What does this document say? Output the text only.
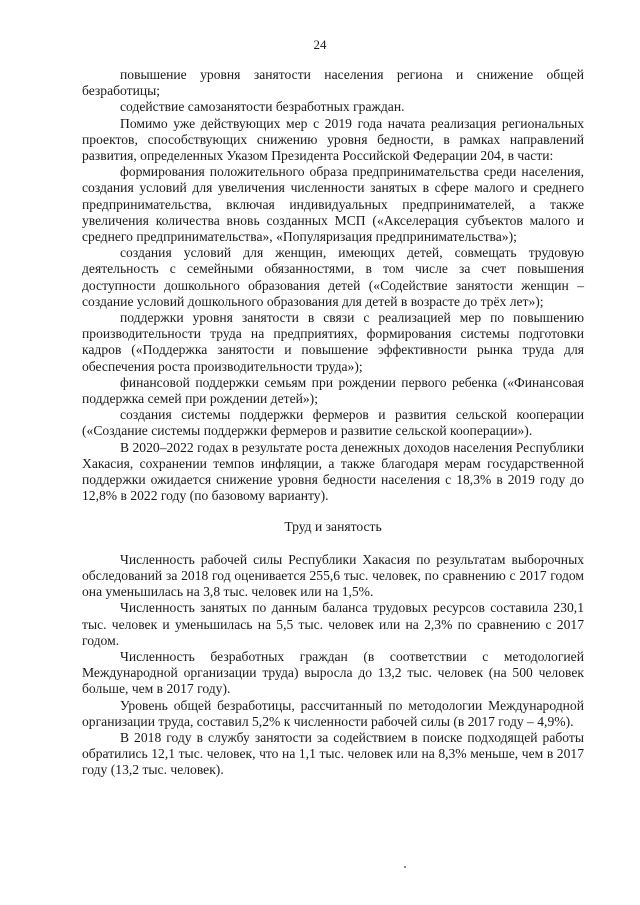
24

повышение уровня занятости населения региона и снижение общей безработицы;

содействие самозанятости безработных граждан.

Помимо уже действующих мер с 2019 года начата реализация региональных проектов, способствующих снижению уровня бедности, в рамках направлений развития, определенных Указом Президента Российской Федерации 204, в части:

формирования положительного образа предпринимательства среди населения, создания условий для увеличения численности занятых в сфере малого и среднего предпринимательства, включая индивидуальных предпринимателей, а также увеличения количества вновь созданных МСП («Акселерация субъектов малого и среднего предпринимательства», «Популяризация предпринимательства»);

создания условий для женщин, имеющих детей, совмещать трудовую деятельность с семейными обязанностями, в том числе за счет повышения доступности дошкольного образования детей («Содействие занятости женщин – создание условий дошкольного образования для детей в возрасте до трёх лет»);

поддержки уровня занятости в связи с реализацией мер по повышению производительности труда на предприятиях, формирования системы подготовки кадров («Поддержка занятости и повышение эффективности рынка труда для обеспечения роста производительности труда»);

финансовой поддержки семьям при рождении первого ребенка («Финансовая поддержка семей при рождении детей»);

создания системы поддержки фермеров и развития сельской кооперации («Создание системы поддержки фермеров и развитие сельской кооперации»).

В 2020–2022 годах в результате роста денежных доходов населения Республики Хакасия, сохранении темпов инфляции, а также благодаря мерам государственной поддержки ожидается снижение уровня бедности населения с 18,3% в 2019 году до 12,8% в 2022 году (по базовому варианту).

Труд и занятость

Численность рабочей силы Республики Хакасия по результатам выборочных обследований за 2018 год оценивается 255,6 тыс. человек, по сравнению с 2017 годом она уменьшилась на 3,8 тыс. человек или на 1,5%.

Численность занятых по данным баланса трудовых ресурсов составила 230,1 тыс. человек и уменьшилась на 5,5 тыс. человек или на 2,3% по сравнению с 2017 годом.

Численность безработных граждан (в соответствии с методологией Международной организации труда) выросла до 13,2 тыс. человек (на 500 человек больше, чем в 2017 году).

Уровень общей безработицы, рассчитанный по методологии Международной организации труда, составил 5,2% к численности рабочей силы (в 2017 году – 4,9%).

В 2018 году в службу занятости за содействием в поиске подходящей работы обратились 12,1 тыс. человек, что на 1,1 тыс. человек или на 8,3% меньше, чем в 2017 году (13,2 тыс. человек).
